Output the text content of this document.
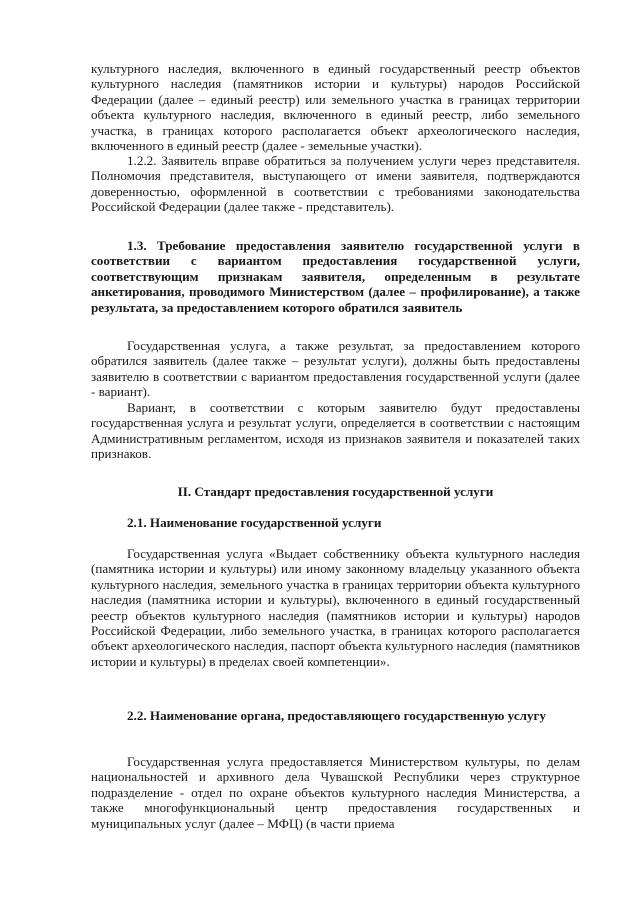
культурного наследия, включенного в единый государственный реестр объектов культурного наследия (памятников истории и культуры) народов Российской Федерации (далее – единый реестр) или земельного участка в границах территории объекта культурного наследия, включенного в единый реестр, либо земельного участка, в границах которого располагается объект археологического наследия, включенного в единый реестр (далее - земельные участки).

1.2.2. Заявитель вправе обратиться за получением услуги через представителя. Полномочия представителя, выступающего от имени заявителя, подтверждаются доверенностью, оформленной в соответствии с требованиями законодательства Российской Федерации (далее также - представитель).

1.3. Требование предоставления заявителю государственной услуги в соответствии с вариантом предоставления государственной услуги, соответствующим признакам заявителя, определенным в результате анкетирования, проводимого Министерством (далее – профилирование), а также результата, за предоставлением которого обратился заявитель

Государственная услуга, а также результат, за предоставлением которого обратился заявитель (далее также – результат услуги), должны быть предоставлены заявителю в соответствии с вариантом предоставления государственной услуги (далее - вариант).

Вариант, в соответствии с которым заявителю будут предоставлены государственная услуга и результат услуги, определяется в соответствии с настоящим Административным регламентом, исходя из признаков заявителя и показателей таких признаков.

II. Стандарт предоставления государственной услуги

2.1. Наименование государственной услуги

Государственная услуга «Выдает собственнику объекта культурного наследия (памятника истории и культуры) или иному законному владельцу указанного объекта культурного наследия, земельного участка в границах территории объекта культурного наследия (памятника истории и культуры), включенного в единый государственный реестр объектов культурного наследия (памятников истории и культуры) народов Российской Федерации, либо земельного участка, в границах которого располагается объект археологического наследия, паспорт объекта культурного наследия (памятников истории и культуры) в пределах своей компетенции».

2.2. Наименование органа, предоставляющего государственную услугу

Государственная услуга предоставляется Министерством культуры, по делам национальностей и архивного дела Чувашской Республики через структурное подразделение - отдел по охране объектов культурного наследия Министерства, а также многофункциональный центр предоставления государственных и муниципальных услуг (далее – МФЦ) (в части приема
